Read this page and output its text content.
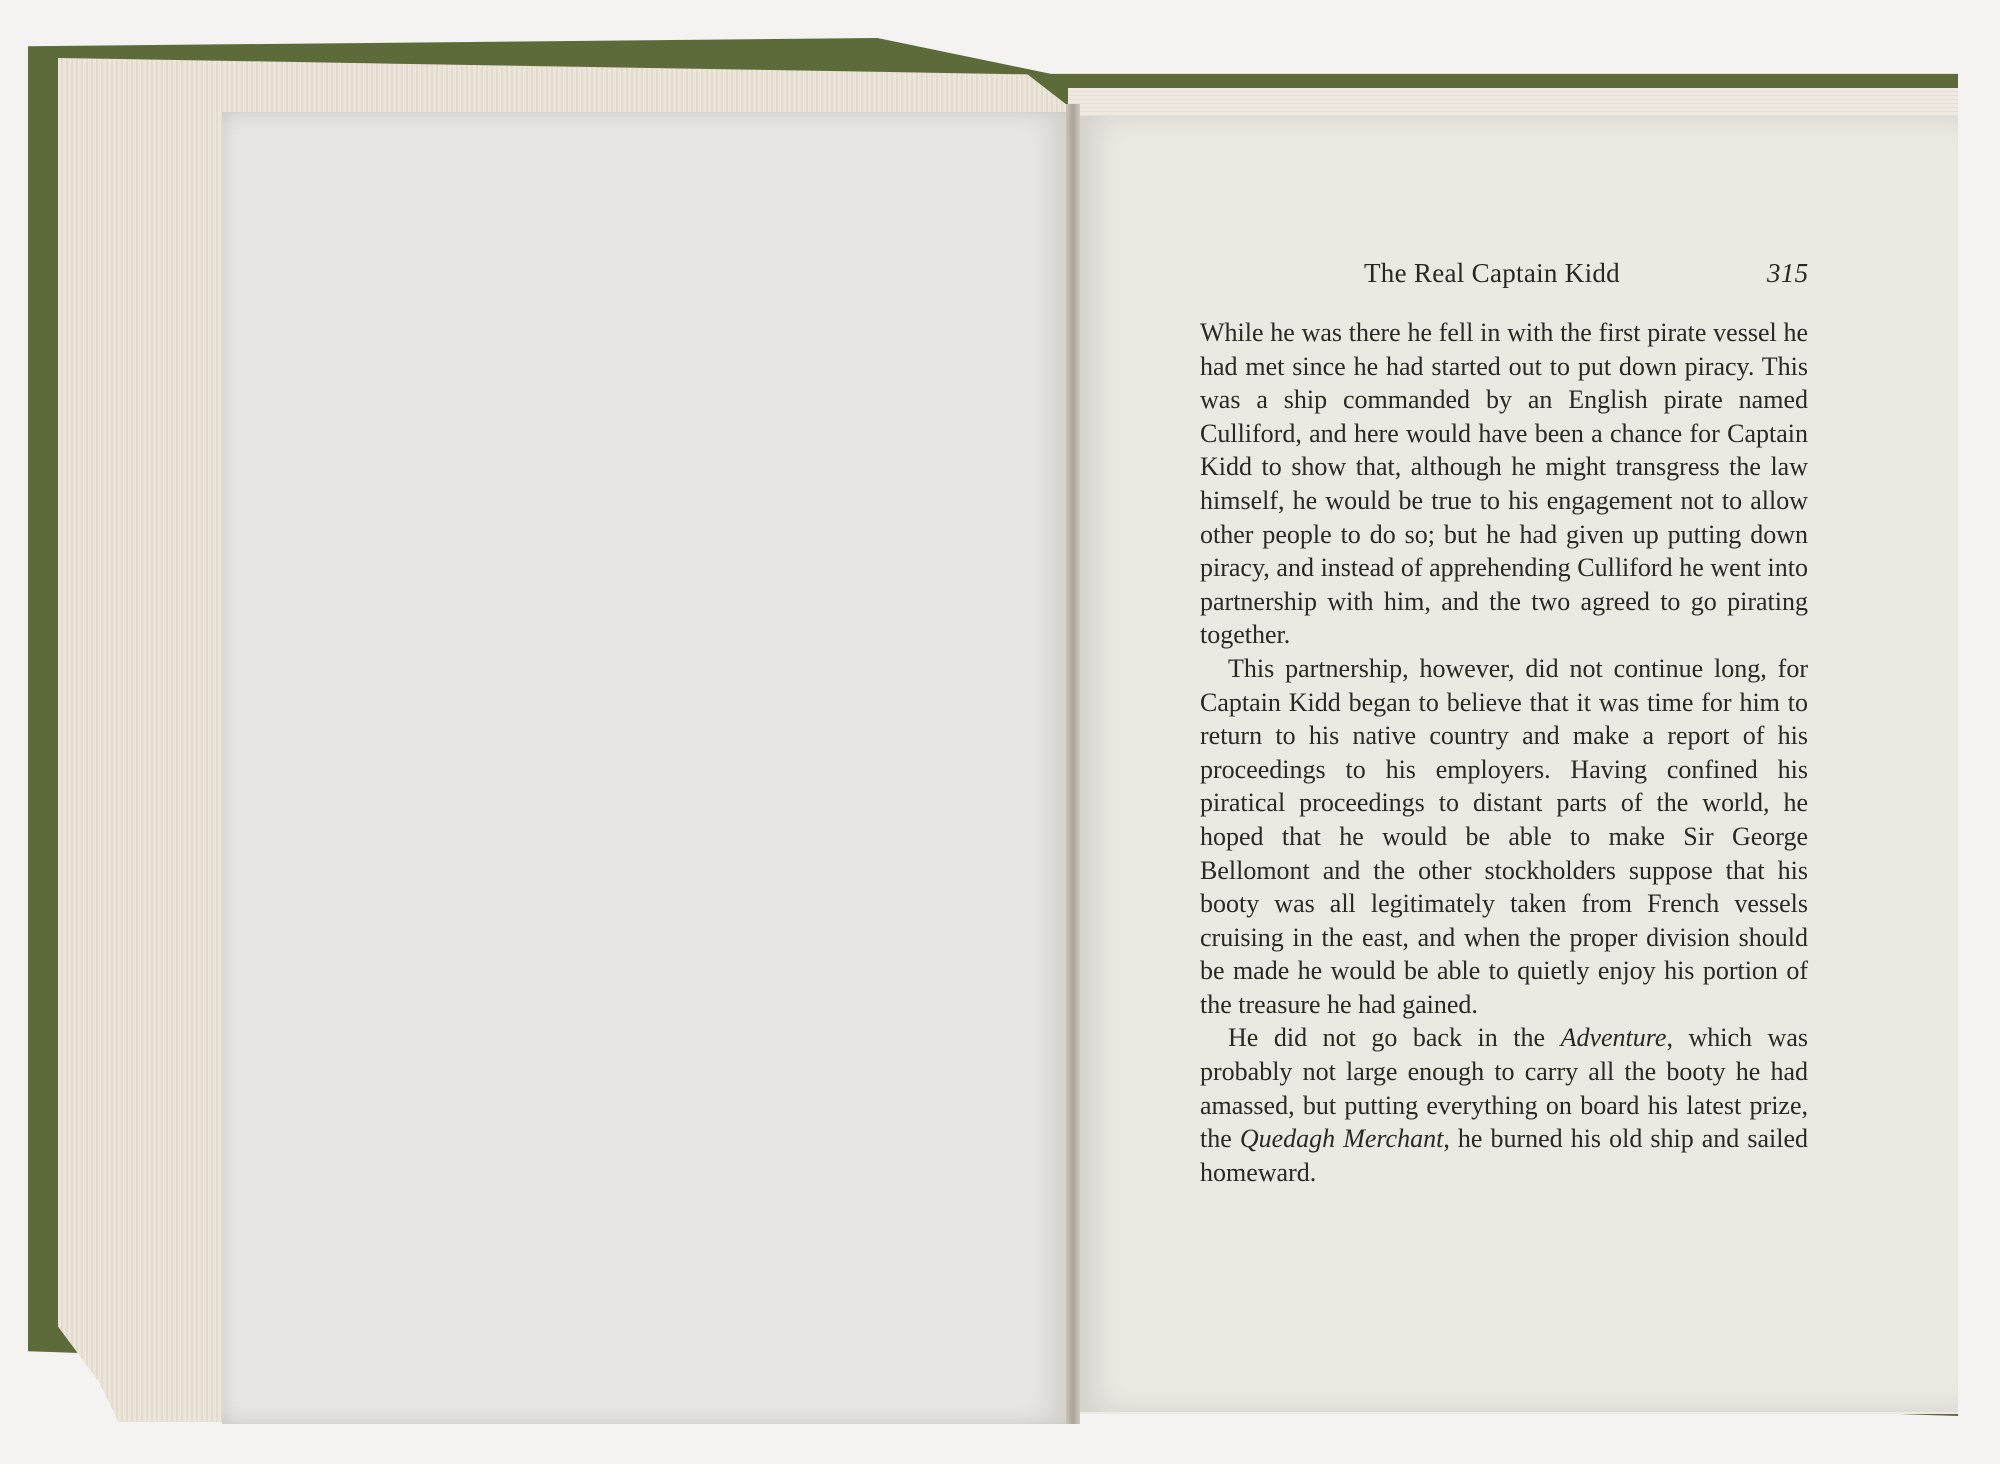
The Real Captain Kidd	315

While he was there he fell in with the first pirate vessel he had met since he had started out to put down piracy. This was a ship commanded by an English pirate named Culliford, and here would have been a chance for Captain Kidd to show that, although he might transgress the law himself, he would be true to his engagement not to allow other people to do so; but he had given up putting down piracy, and instead of apprehending Culliford he went into partnership with him, and the two agreed to go pirating together.

This partnership, however, did not continue long, for Captain Kidd began to believe that it was time for him to return to his native country and make a report of his proceedings to his employers. Having confined his piratical proceedings to distant parts of the world, he hoped that he would be able to make Sir George Bellomont and the other stockholders suppose that his booty was all legitimately taken from French vessels cruising in the east, and when the proper division should be made he would be able to quietly enjoy his portion of the treasure he had gained.

He did not go back in the Adventure, which was probably not large enough to carry all the booty he had amassed, but putting everything on board his latest prize, the Quedagh Merchant, he burned his old ship and sailed homeward.
